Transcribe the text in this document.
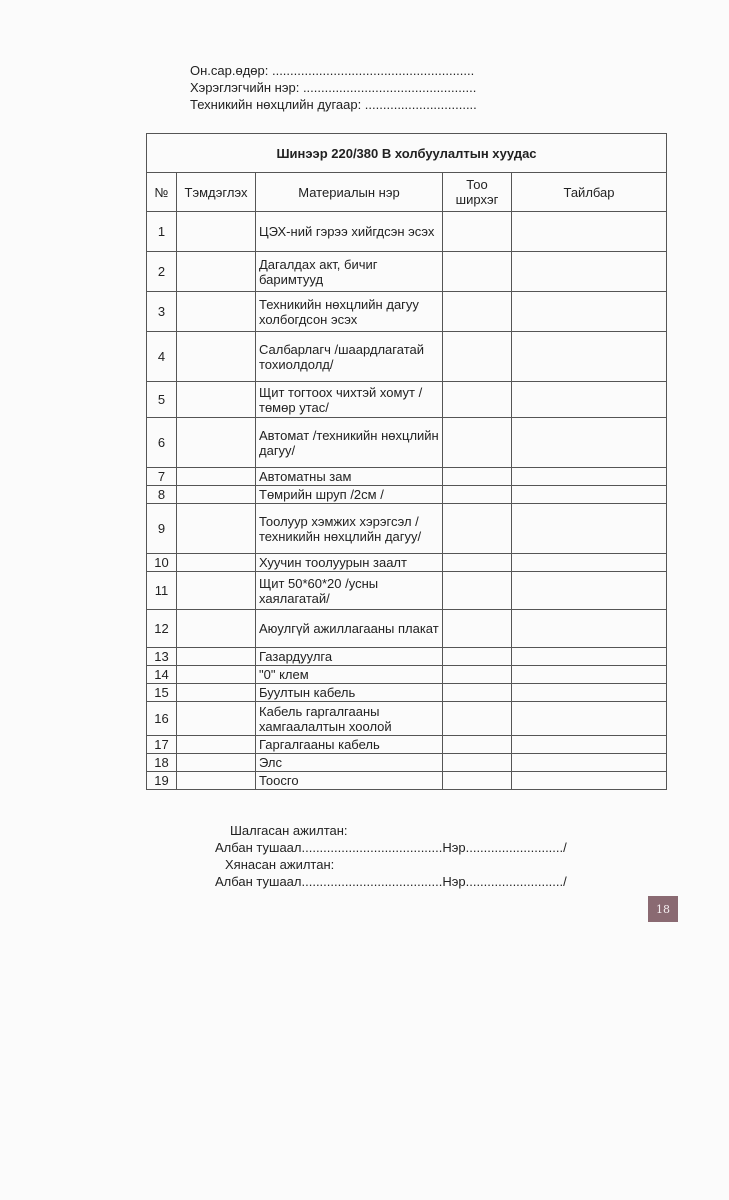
Он.сар.өдөр: ........................................................
Хэрэглэгчийн нэр: ................................................
Техникийн нөхцлийн дугаар: ...............................
Шинээр 220/380 В холбуулалтын хуудас				
№	Тэмдэглэх	Материалын нэр	Тоо ширхэг	Тайлбар
1		ЦЭХ-ний гэрээ хийгдсэн эсэх		
2		Дагалдах акт, бичиг баримтууд		
3		Техникийн нөхцлийн дагуу холбогдсон эсэх		
4		Салбарлагч /шаардлагатай тохиолдолд/		
5		Щит тогтоох чихтэй хомут /төмөр утас/		
6		Автомат /техникийн нөхцлийн дагуу/		
7		Автоматны зам		
8		Төмрийн шруп /2см /		
9		Тоолуур хэмжих хэрэгсэл /техникийн нөхцлийн дагуу/		
10		Хуучин тоолуурын заалт		
11		Щит 50*60*20 /усны хаялагатай/		
12		Аюулгүй ажиллагааны плакат		
13		Газардуулга		
14		"0" клем		
15		Буултын кабель		
16		Кабель гаргалгааны хамгаалалтын хоолой		
17		Гаргалгааны кабель		
18		Элс		
19		Тоосго		
Шалгасан ажилтан:
Албан тушаал.......................................Нэр.........................../
Хянасан ажилтан:
Албан тушаал.......................................Нэр.........................../
18
